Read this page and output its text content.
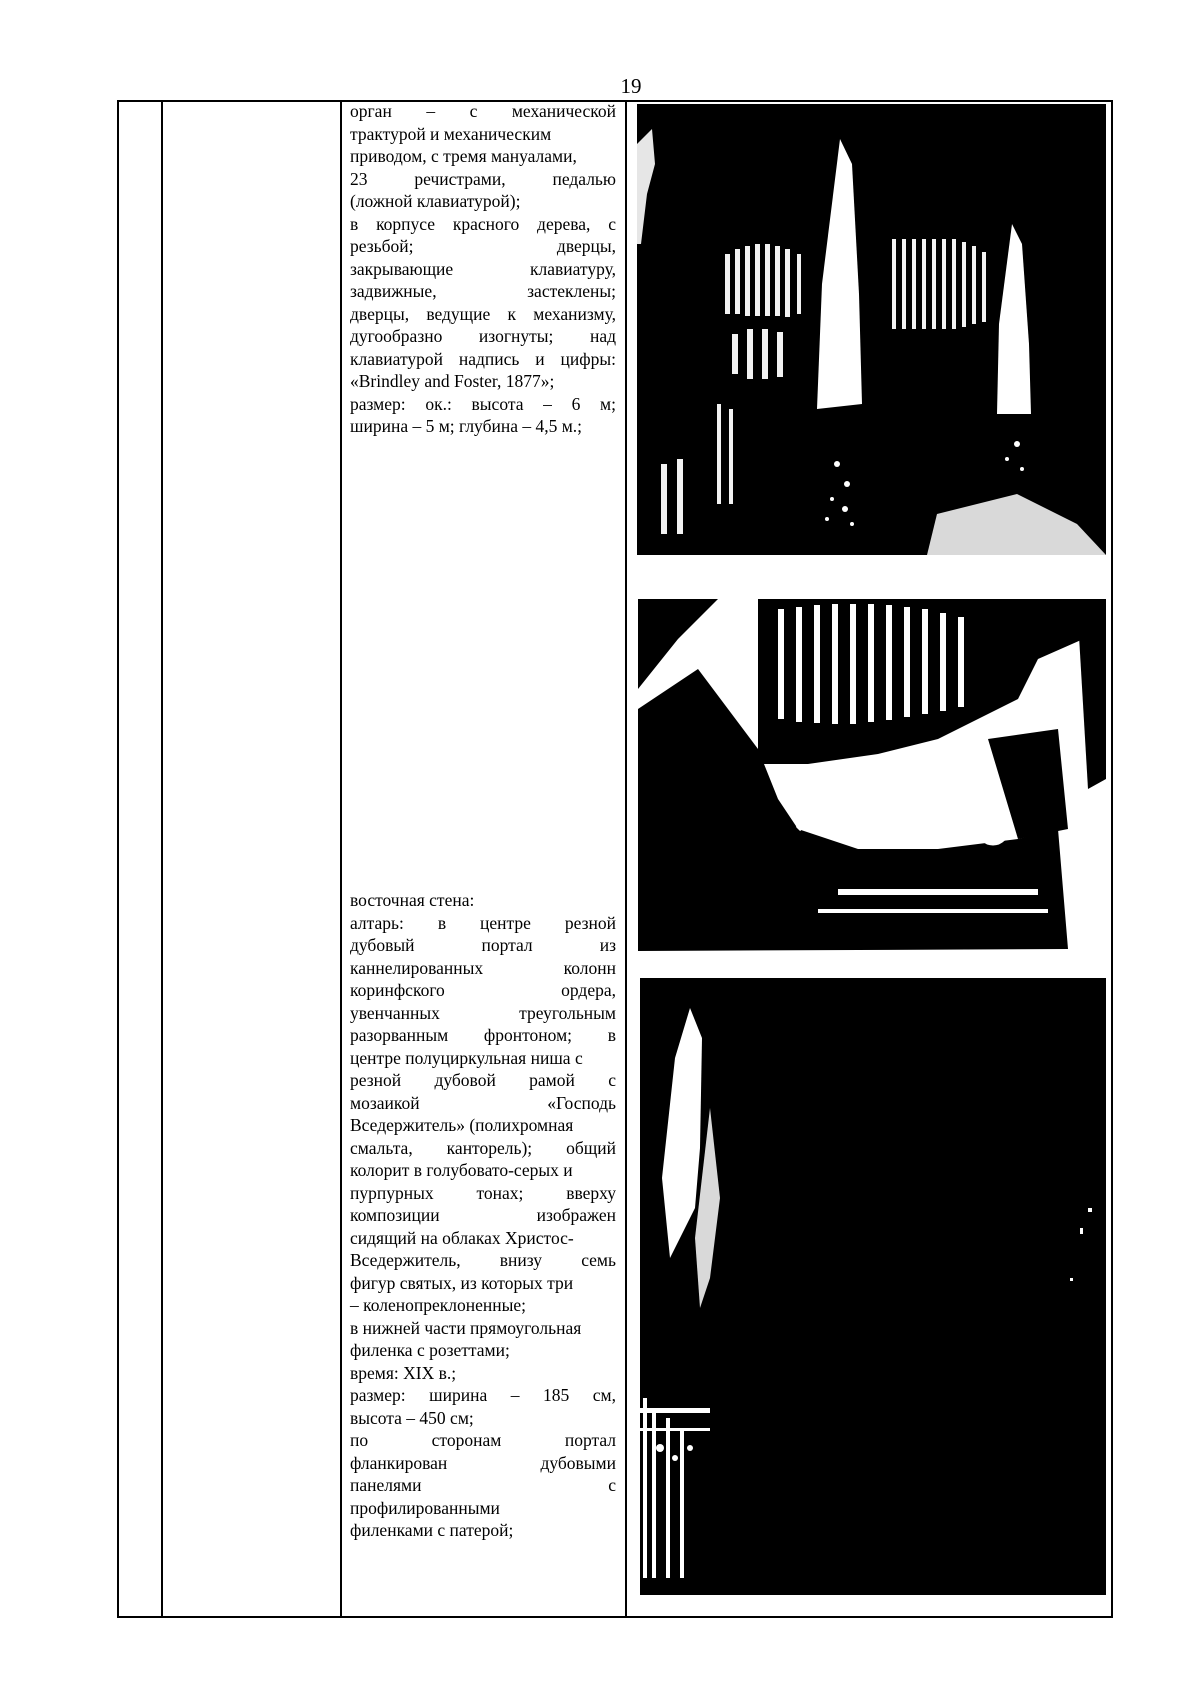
19

орган – с механической

трактурой и механическим

приводом, с тремя мануалами,

23 речистрами, педалью

(ложной клавиатурой);

в корпусе красного дерева, с

резьбой; дверцы,

закрывающие клавиатуру,

задвижные, застеклены;

дверцы, ведущие к механизму,

дугообразно изогнуты; над

клавиатурой надпись и цифры:

«Brindley and Foster, 1877»;

размер: ок.: высота – 6 м;

ширина – 5 м; глубина – 4,5 м.;

восточная стена:

алтарь: в центре резной

дубовый портал из

каннелированных колонн

коринфского ордера,

увенчанных треугольным

разорванным фронтоном; в

центре полуциркульная ниша с

резной дубовой рамой с

мозаикой «Господь

Вседержитель» (полихромная

смальта, канторель); общий

колорит в голубовато-серых и

пурпурных тонах; вверху

композиции изображен

сидящий на облаках Христос-

Вседержитель, внизу семь

фигур святых, из которых три

– коленопреклоненные;

в нижней части прямоугольная

филенка с розеттами;

время: XIX в.;

размер: ширина – 185 см,

высота – 450 см;

по сторонам портал

фланкирован дубовыми

панелями с

профилированными

филенками с патерой;
